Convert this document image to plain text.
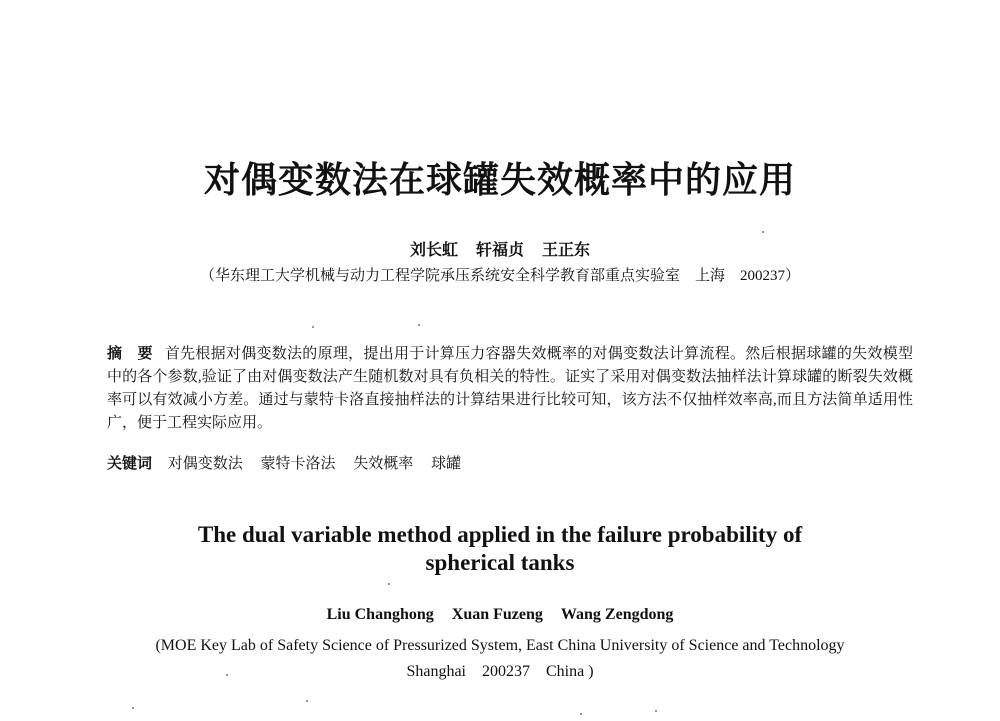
对偶变数法在球罐失效概率中的应用
刘长虹 轩福贞 王正东
（华东理工大学机械与动力工程学院承压系统安全科学教育部重点实验室　上海　200237）
摘　要 首先根据对偶变数法的原理，提出用于计算压力容器失效概率的对偶变数法计算流程。然后根据球罐的失效模型中的各个参数,验证了由对偶变数法产生随机数对具有负相关的特性。证实了采用对偶变数法抽样法计算球罐的断裂失效概率可以有效减小方差。通过与蒙特卡洛直接抽样法的计算结果进行比较可知，该方法不仅抽样效率高,而且方法简单适用性广，便于工程实际应用。
关键词 对偶变数法 蒙特卡洛法 失效概率 球罐
The dual variable method applied in the failure probability of
spherical tanks
Liu Changhong Xuan Fuzeng Wang Zengdong
(MOE Key Lab of Safety Science of Pressurized System, East China University of Science and Technology
Shanghai　200237　China )
